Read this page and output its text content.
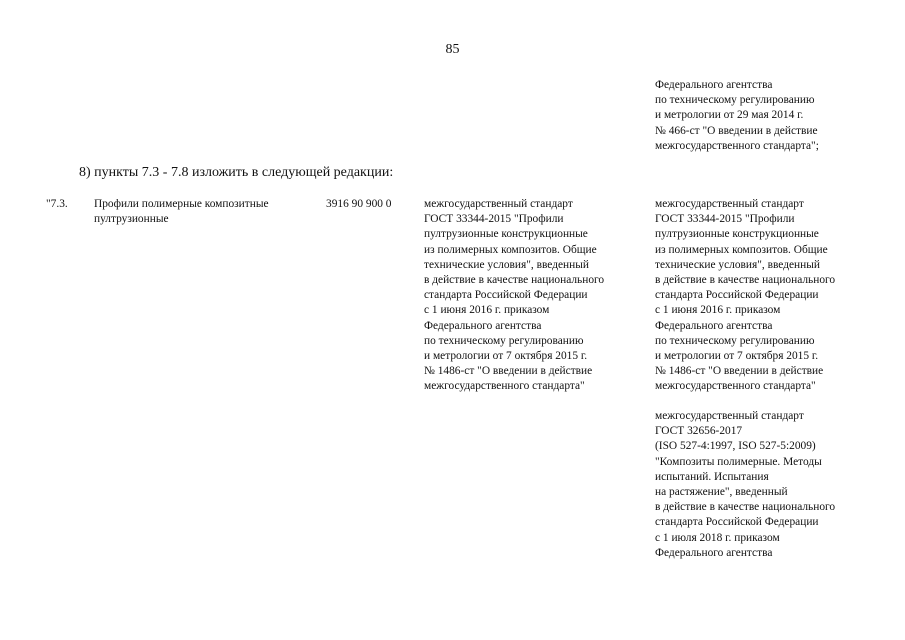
85
Федерального агентства
по техническому регулированию
и метрологии от 29 мая 2014 г.
№ 466-ст "О введении в действие
межгосударственного стандарта";
8) пункты 7.3 - 7.8 изложить в следующей редакции:
"7.3.	Профили полимерные композитные
пултрузионные
3916 90 900 0	межгосударственный стандарт
ГОСТ 33344-2015 "Профили
пултрузионные конструкционные
из полимерных композитов. Общие
технические условия", введенный
в действие в качестве национального
стандарта Российской Федерации
с 1 июня 2016 г. приказом
Федерального агентства
по техническому регулированию
и метрологии от 7 октября 2015 г.
№ 1486-ст "О введении в действие
межгосударственного стандарта"
межгосударственный стандарт
ГОСТ 33344-2015 "Профили
пултрузионные конструкционные
из полимерных композитов. Общие
технические условия", введенный
в действие в качестве национального
стандарта Российской Федерации
с 1 июня 2016 г. приказом
Федерального агентства
по техническому регулированию
и метрологии от 7 октября 2015 г.
№ 1486-ст "О введении в действие
межгосударственного стандарта"
межгосударственный стандарт
ГОСТ 32656-2017
(ISO 527-4:1997, ISO 527-5:2009)
"Композиты полимерные. Методы
испытаний. Испытания
на растяжение", введенный
в действие в качестве национального
стандарта Российской Федерации
с 1 июля 2018 г. приказом
Федерального агентства
